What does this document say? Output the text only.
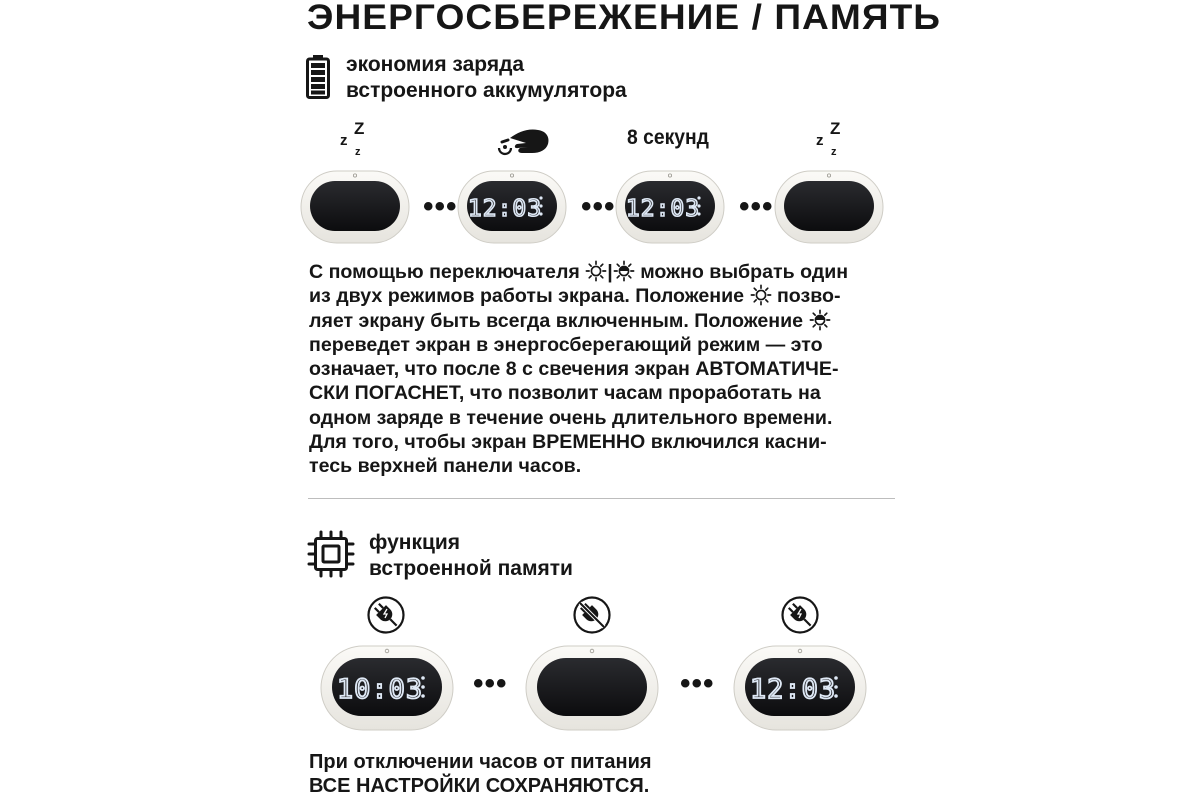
ЭНЕРГОСБЕРЕЖЕНИЕ / ПАМЯТЬ
экономия заряда
встроенного аккумулятора
z
Z
z
8 секунд	z
Z
z
••• 12:03 ••• 12:03 •••
С помощью переключателя | можно выбрать один
из двух режимов работы экрана. Положение  позво-
ляет экрану быть всегда включенным. Положение
переведет экран в энергосберегающий режим — это
означает, что после 8 с свечения экран АВТОМАТИЧЕ-
СКИ ПОГАСНЕТ, что позволит часам проработать на
одном заряде в течение очень длительного времени.
Для того, чтобы экран ВРЕМЕННО включился касни-
тесь верхней панели часов.
функция
встроенной памяти
10:03 •••	••• 12:03
При отключении часов от питания
ВСЕ НАСТРОЙКИ СОХРАНЯЮТСЯ.
